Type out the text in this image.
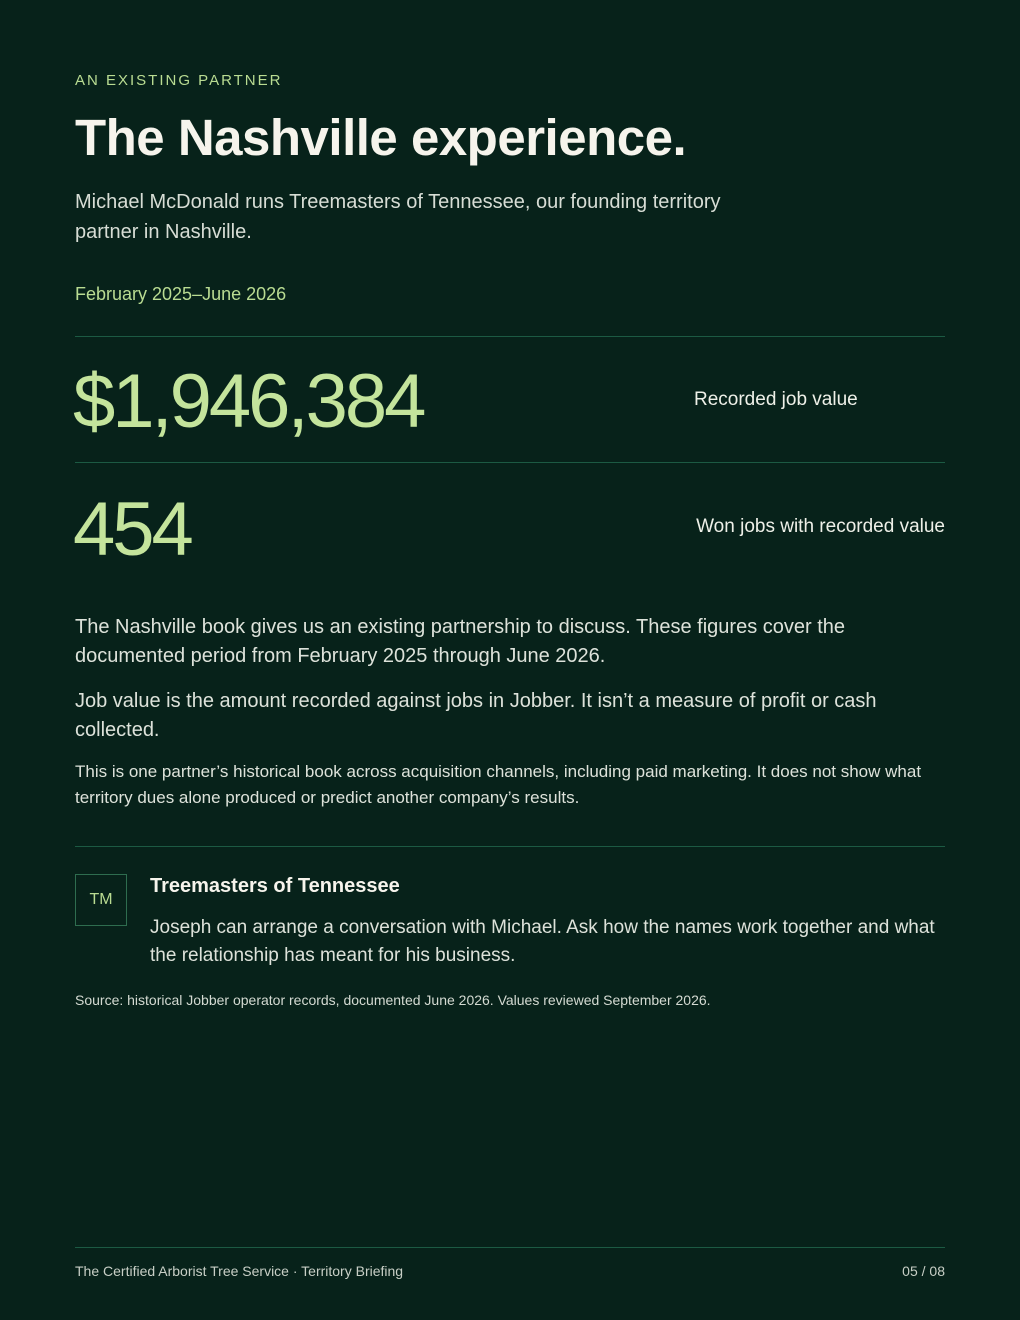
AN EXISTING PARTNER
The Nashville experience.
Michael McDonald runs Treemasters of Tennessee, our founding territory partner in Nashville.
February 2025–June 2026
$1,946,384	Recorded job value
454	Won jobs with recorded value

The Nashville book gives us an existing partnership to discuss. These figures cover the documented period from February 2025 through June 2026.

Job value is the amount recorded against jobs in Jobber. It isn’t a measure of profit or cash collected.

This is one partner’s historical book across acquisition channels, including paid marketing. It does not show what territory dues alone produced or predict another company’s results.

TM
Treemasters of Tennessee
Joseph can arrange a conversation with Michael. Ask how the names work together and what the relationship has meant for his business.
Source: historical Jobber operator records, documented June 2026. Values reviewed September 2026.
The Certified Arborist Tree Service · Territory Briefing	05 / 08
